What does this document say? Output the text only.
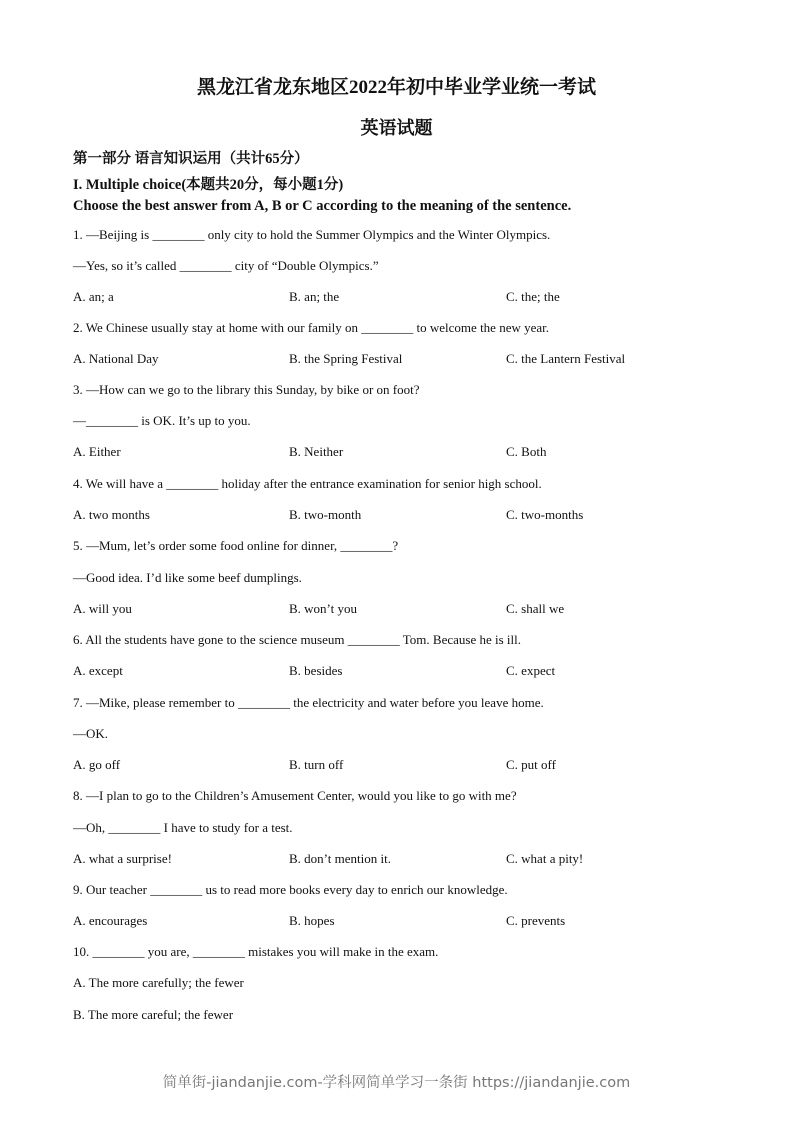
黑龙江省龙东地区2022年初中毕业学业统一考试
英语试题

第一部分 语言知识运用（共计65分）

I. Multiple choice(本题共20分，每小题1分)

Choose the best answer from A, B or C according to the meaning of the sentence.

1. —Beijing is ________ only city to hold the Summer Olympics and the Winter Olympics.

—Yes, so it’s called ________ city of “Double Olympics.”

A. an; a	B. an; the	C. the; the

2. We Chinese usually stay at home with our family on ________ to welcome the new year.

A. National Day	B. the Spring Festival	C. the Lantern Festival

3. —How can we go to the library this Sunday, by bike or on foot?

—________ is OK. It’s up to you.

A. Either	B. Neither	C. Both

4. We will have a ________ holiday after the entrance examination for senior high school.

A. two months	B. two-month	C. two-months

5. —Mum, let’s order some food online for dinner, ________?

—Good idea. I’d like some beef dumplings.

A. will you	B. won’t you	C. shall we

6. All the students have gone to the science museum ________ Tom. Because he is ill.

A. except	B. besides	C. expect

7. —Mike, please remember to ________ the electricity and water before you leave home.

—OK.

A. go off	B. turn off	C. put off

8. —I plan to go to the Children’s Amusement Center, would you like to go with me?

—Oh, ________ I have to study for a test.

A. what a surprise!	B. don’t mention it.	C. what a pity!

9. Our teacher ________ us to read more books every day to enrich our knowledge.

A. encourages	B. hopes	C. prevents

10. ________ you are, ________ mistakes you will make in the exam.

A. The more carefully; the fewer

B. The more careful; the fewer

简单街-jiandanjie.com-学科网简单学习一条街 https://jiandanjie.com
